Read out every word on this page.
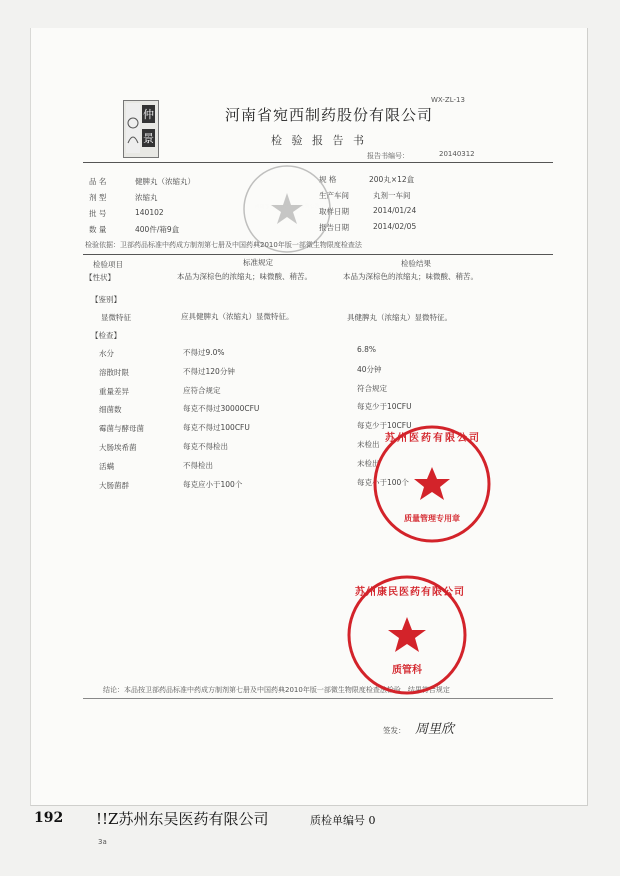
WX-ZL-13
仲
景
河南省宛西制药股份有限公司
检 验 报 告 书
报告书编号：	20140312
品 名	健脾丸（浓缩丸）
剂 型	浓缩丸
批 号	140102
数 量	400件/箱9盒
规 格	200丸×12盒
生产车间	丸剂一车间
取样日期	2014/01/24
报告日期	2014/02/05
检验依据：卫部药品标准中药成方制剂第七册及中国药典2010年版一部微生物限度检查法
检验项目	标准规定	检验结果
【性状】	本品为深棕色的浓缩丸；味微酸、稍苦。	本品为深棕色的浓缩丸；味微酸、稍苦。
【鉴别】
显微特征	应具健脾丸（浓缩丸）显微特征。	具健脾丸（浓缩丸）显微特征。
【检查】
水分	不得过9.0%	6.8%
溶散时限	不得过120分钟	40分钟
重量差异	应符合规定	符合规定
细菌数	每克不得过30000CFU	每克少于10CFU
霉菌与酵母菌	每克不得过100CFU	每克少于10CFU
大肠埃希菌	每克不得检出	未检出
活螨	不得检出	未检出
大肠菌群	每克应小于100个	每克小于100个
结论：本品按卫部药品标准中药成方制剂第七册及中国药典2010年版一部微生物限度检查法检验，结果符合规定
签发： 周里欣
苏州医药有限公司
质量管理专用章
苏州康民医药有限公司
质管科
192 !!Z苏州东吴医药有限公司	质检单编号 0
3a
